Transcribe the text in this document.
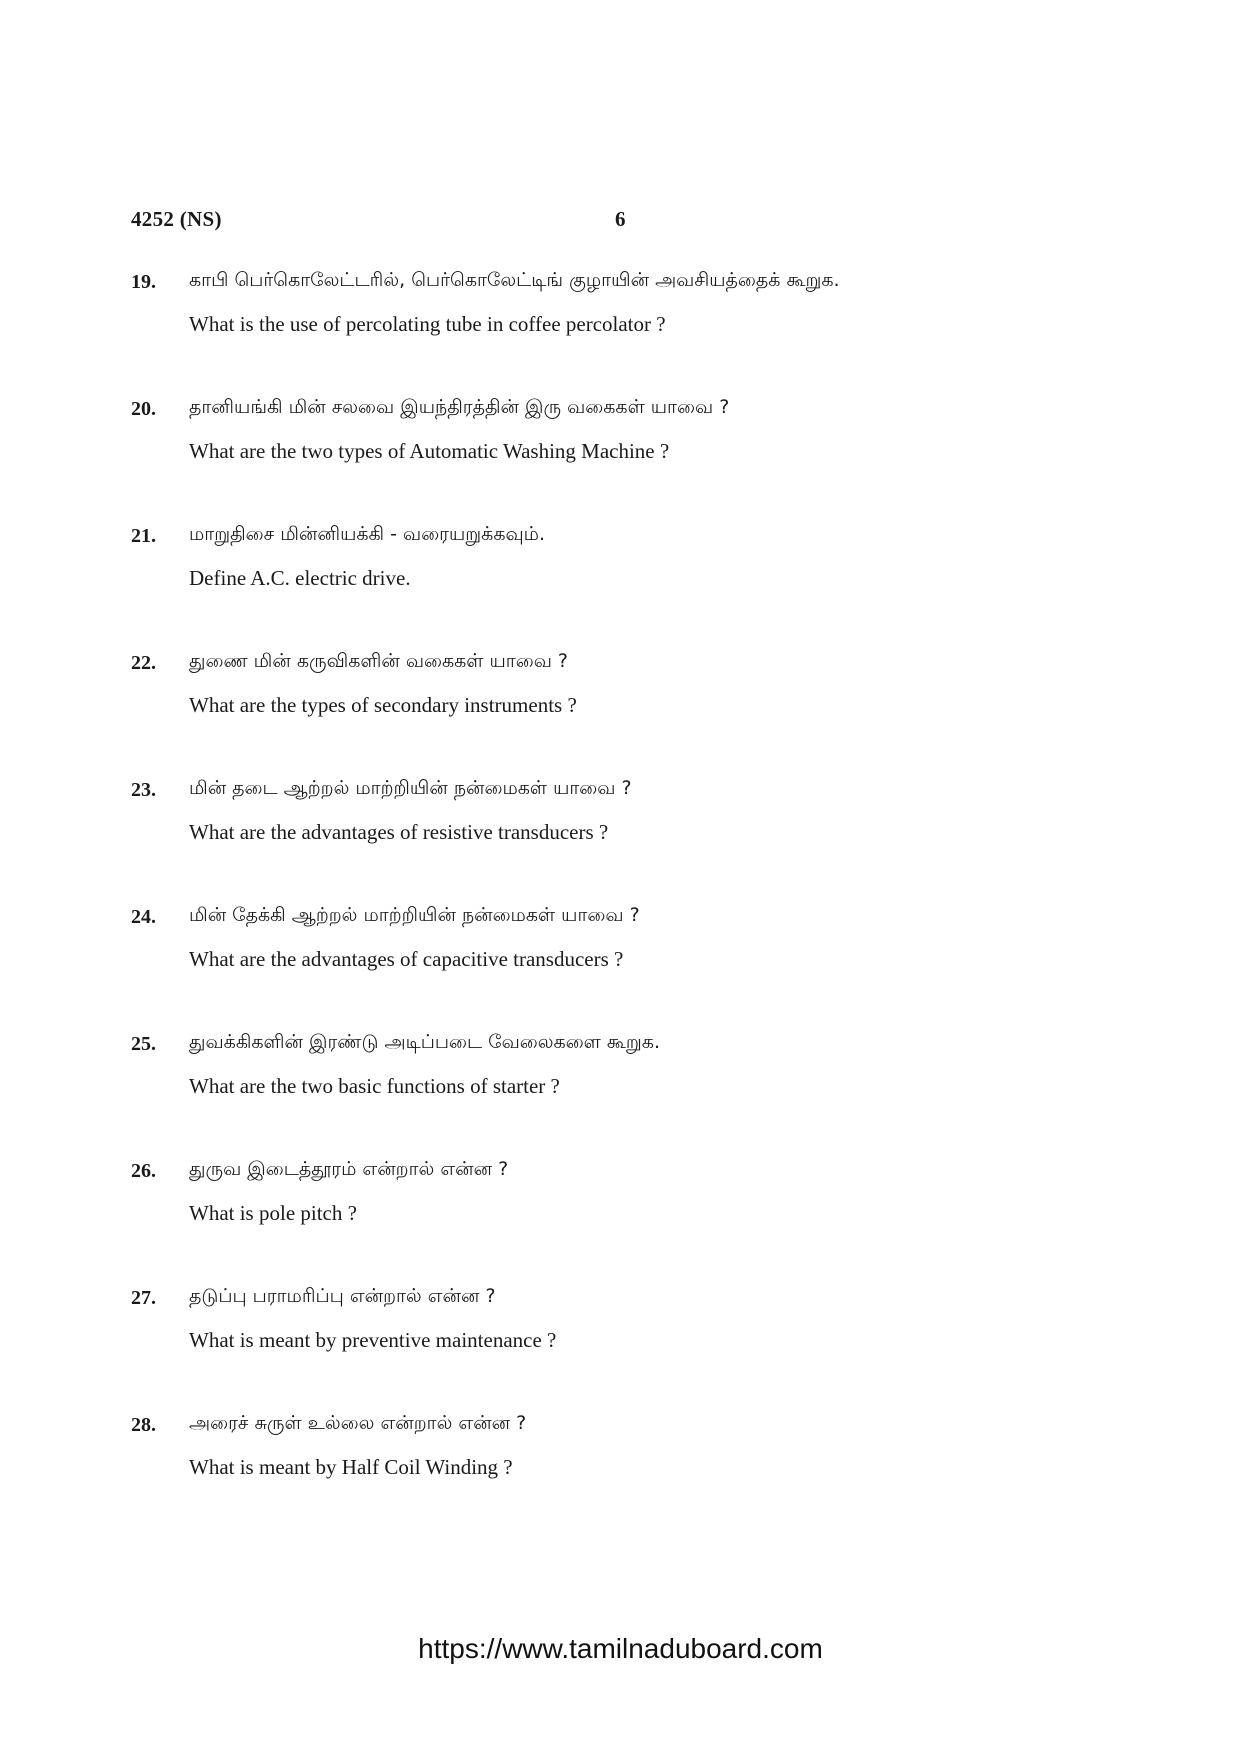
4252 (NS)	6
19. காபி பெர்கொலேட்டரில், பெர்கொலேட்டிங் குழாயின் அவசியத்தைக் கூறுக.
What is the use of percolating tube in coffee percolator ?
20. தானியங்கி மின் சலவை இயந்திரத்தின் இரு வகைகள் யாவை ?
What are the two types of Automatic Washing Machine ?
21. மாறுதிசை மின்னியக்கி - வரையறுக்கவும்.
Define A.C. electric drive.
22. துணை மின் கருவிகளின் வகைகள் யாவை ?
What are the types of secondary instruments ?
23. மின் தடை ஆற்றல் மாற்றியின் நன்மைகள் யாவை ?
What are the advantages of resistive transducers ?
24. மின் தேக்கி ஆற்றல் மாற்றியின் நன்மைகள் யாவை ?
What are the advantages of capacitive transducers ?
25. துவக்கிகளின் இரண்டு அடிப்படை வேலைகளை கூறுக.
What are the two basic functions of starter ?
26. துருவ இடைத்தூரம் என்றால் என்ன ?
What is pole pitch ?
27. தடுப்பு பராமரிப்பு என்றால் என்ன ?
What is meant by preventive maintenance ?
28. அரைச் சுருள் உல்லை என்றால் என்ன ?
What is meant by Half Coil Winding ?
https://www.tamilnaduboard.com
